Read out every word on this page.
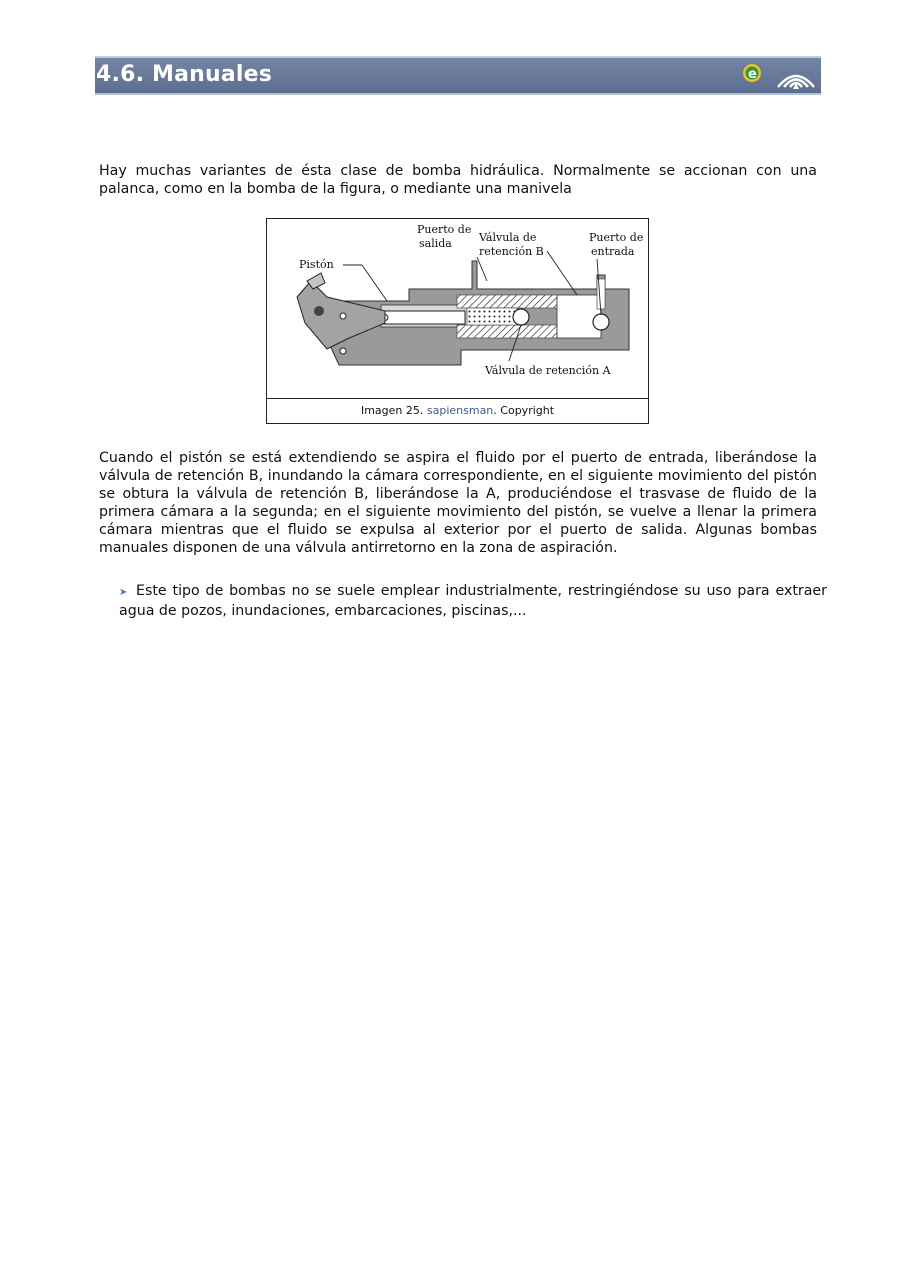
4.6. Manuales	e

Hay muchas variantes de ésta clase de bomba hidráulica. Normalmente se accionan con una palanca, como en la bomba de la figura, o mediante una manivela

Pistón
Puerto de
salida Válvula de
retención B
Puerto de
entrada
Válvula de retención A
Imagen 25. sapiensman. Copyright

Cuando el pistón se está extendiendo se aspira el fluido por el puerto de entrada, liberándose la válvula de retención B, inundando la cámara correspondiente, en el siguiente movimiento del pistón se obtura la válvula de retención B, liberándose la A, produciéndose el trasvase de fluido de la primera cámara a la segunda; en el siguiente movimiento del pistón, se vuelve a llenar la primera cámara mientras que el fluido se expulsa al exterior por el puerto de salida. Algunas bombas manuales disponen de una válvula antirretorno en la zona de aspiración.

➤ Este tipo de bombas no se suele emplear industrialmente, restringiéndose su uso para extraer agua de pozos, inundaciones, embarcaciones, piscinas,...
